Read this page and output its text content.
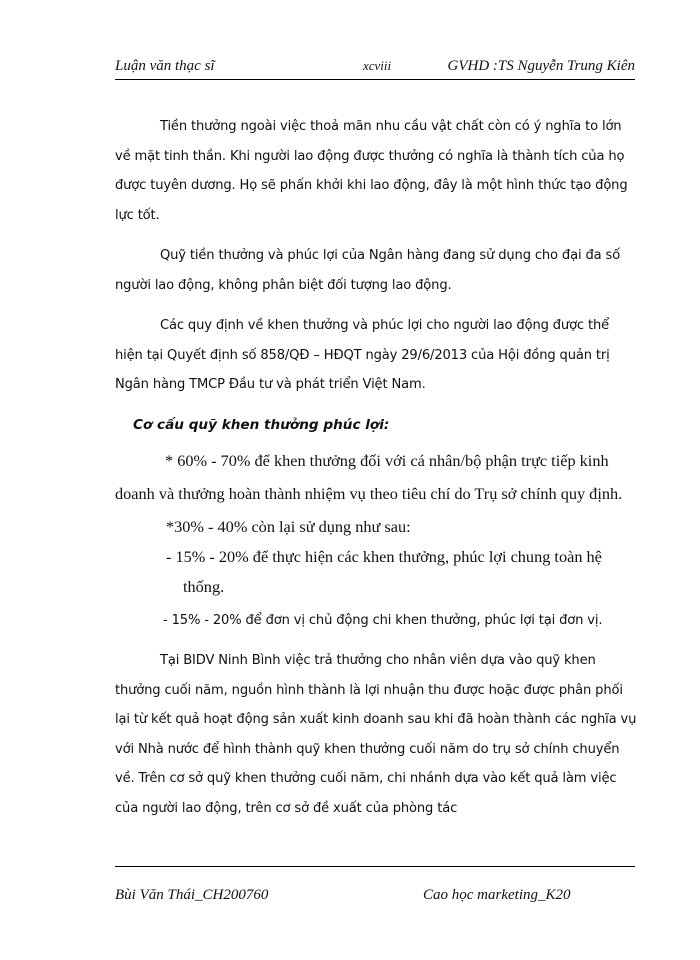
Luận văn thạc sĩ	xcviii	GVHD :TS Nguyễn Trung Kiên

Tiền thưởng ngoài việc thoả mãn nhu cầu vật chất còn có ý nghĩa to lớn về mặt tinh thần. Khi người lao động được thưởng có nghĩa là thành tích của họ được tuyên dương. Họ sẽ phấn khởi khi lao động, đây là một hình thức tạo động lực tốt.

Quỹ tiền thưởng và phúc lợi của Ngân hàng đang sử dụng cho đại đa số người lao động, không phân biệt đối tượng lao động.

Các quy định về khen thưởng và phúc lợi cho người lao động được thể hiện tại Quyết định số 858/QĐ – HĐQT ngày 29/6/2013 của Hội đồng quản trị Ngân hàng TMCP Đầu tư và phát triển Việt Nam.

Cơ cấu quỹ khen thưởng phúc lợi:

* 60% - 70% để khen thưởng đối với cá nhân/bộ phận trực tiếp kinh doanh và thưởng hoàn thành nhiệm vụ theo tiêu chí do Trụ sở chính quy định.

*30% - 40% còn lại sử dụng như sau:

- 15% - 20% để thực hiện các khen thưởng, phúc lợi chung toàn hệ thống.

- 15% - 20% để đơn vị chủ động chi khen thưởng, phúc lợi tại đơn vị.

Tại BIDV Ninh Bình việc trả thưởng cho nhân viên dựa vào quỹ khen thưởng cuối năm, nguồn hình thành là lợi nhuận thu được hoặc được phân phối lại từ kết quả hoạt động sản xuất kinh doanh sau khi đã hoàn thành các nghĩa vụ với Nhà nước để hình thành quỹ khen thưởng cuối năm do trụ sở chính chuyển về. Trên cơ sở quỹ khen thưởng cuối năm, chi nhánh dựa vào kết quả làm việc của người lao động, trên cơ sở đề xuất của phòng tác

Bùi Văn Thái_CH200760	Cao học marketing_K20
